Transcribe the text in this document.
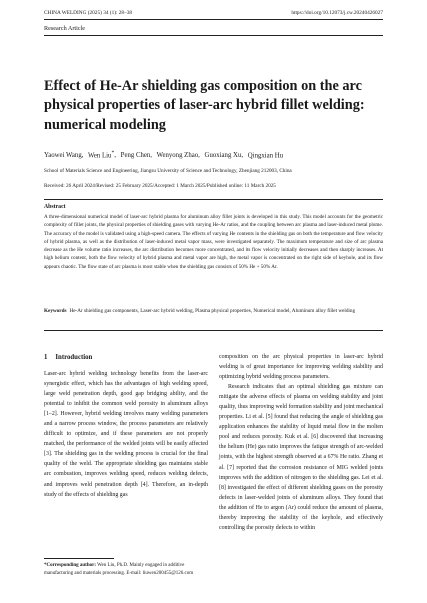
CHINA WELDING (2025) 34 (1): 28–38	https://doi.org/10.12073/j.cw.20240426027
Research Article
Effect of He-Ar shielding gas composition on the arc physical properties of laser-arc hybrid fillet welding: numerical modeling
Yaowei Wang, Wen Liu*, Peng Chen, Wenyong Zhao, Guoxiang Xu, Qingxian Hu
School of Materials Science and Engineering, Jiangsu University of Science and Technology, Zhenjiang 212003, China
Received: 26 April 2024/Revised: 25 February 2025/Accepted: 1 March 2025/Published online: 11 March 2025
Abstract

A three-dimensional numerical model of laser-arc hybrid plasma for aluminum alloy fillet joints is developed in this study. This model accounts for the geometric complexity of fillet joints, the physical properties of shielding gases with varying He-Ar ratios, and the coupling between arc plasma and laser-induced metal plume. The accuracy of the model is validated using a high-speed camera. The effects of varying He contents in the shielding gas on both the temperature and flow velocity of hybrid plasma, as well as the distribution of laser-induced metal vapor mass, were investigated separately. The maximum temperature and size of arc plasma decrease as the He volume ratio increases, the arc distribution becomes more concentrated, and its flow velocity initially decreases and then sharply increases. At high helium content, both the flow velocity of hybrid plasma and metal vapor are high, the metal vapor is concentrated on the right side of keyhole, and its flow appears chaotic. The flow state of arc plasma is most stable when the shielding gas consists of 50% He + 50% Ar.

Keywords He-Ar shielding gas components, Laser-arc hybrid welding, Plasma physical properties, Numerical model, Aluminum alloy fillet welding

1 Introduction

Laser-arc hybrid welding technology benefits from the laser-arc synergistic effect, which has the advantages of high welding speed, large weld penetration depth, good gap bridging ability, and the potential to inhibit the common weld porosity in aluminum alloys [1–2]. However, hybrid welding involves many welding parameters and a narrow process window, the process parameters are relatively difficult to optimize, and if these parameters are not properly matched, the performance of the welded joints will be easily affected [3]. The shielding gas in the welding process is crucial for the final quality of the weld. The appropriate shielding gas maintains stable arc combustion, improves welding speed, reduces welding defects, and improves weld penetration depth [4]. Therefore, an in-depth study of the effects of shielding gas

composition on the arc physical properties in laser-arc hybrid welding is of great importance for improving welding stability and optimizing hybrid welding process parameters.

Research indicates that an optimal shielding gas mixture can mitigate the adverse effects of plasma on welding stability and joint quality, thus improving weld formation stability and joint mechanical properties. Li et al. [5] found that reducing the angle of shielding gas application enhances the stability of liquid metal flow in the molten pool and reduces porosity. Kuk et al. [6] discovered that increasing the helium (He) gas ratio improves the fatigue strength of arc-welded joints, with the highest strength observed at a 67% He ratio. Zhang et al. [7] reported that the corrosion resistance of MIG welded joints improves with the addition of nitrogen to the shielding gas. Lei et al. [8] investigated the effect of different shielding gases on the porosity defects in laser-welded joints of aluminum alloys. They found that the addition of He to argon (Ar) could reduce the amount of plasma, thereby improving the stability of the keyhole, and effectively controlling the porosity defects to within

*Corresponding author: Wen Liu, Ph.D. Mainly engaged in additive manufacturing and materials processing. E-mail: liuwen200455@126.com
